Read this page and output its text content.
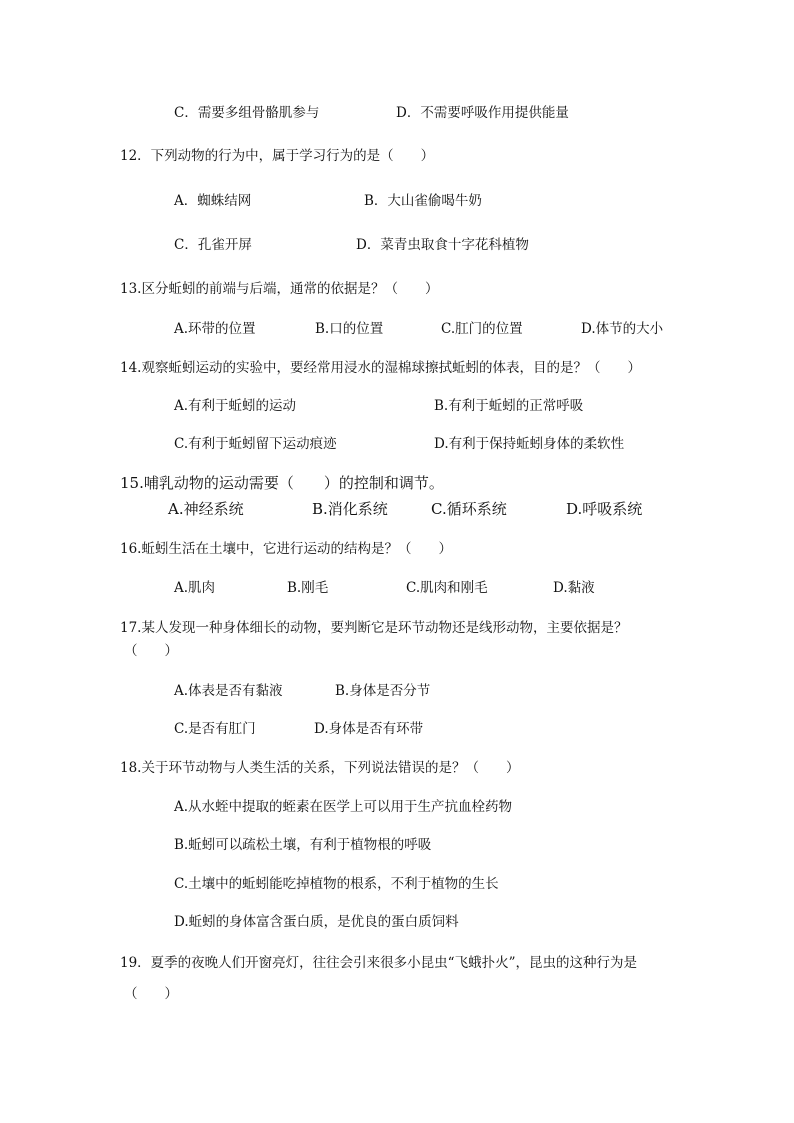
C．需要多组骨骼肌参与	D．不需要呼吸作用提供能量
12．下列动物的行为中，属于学习行为的是（　　）
A．蜘蛛结网	B．大山雀偷喝牛奶
C．孔雀开屏	D．菜青虫取食十字花科植物
13.区分蚯蚓的前端与后端，通常的依据是？（　　）
A.环带的位置	B.口的位置	C.肛门的位置	D.体节的大小
14.观察蚯蚓运动的实验中，要经常用浸水的湿棉球擦拭蚯蚓的体表，目的是？（　　）
A.有利于蚯蚓的运动	B.有利于蚯蚓的正常呼吸
C.有利于蚯蚓留下运动痕迹	D.有利于保持蚯蚓身体的柔软性
15.哺乳动物的运动需要（　　）的控制和调节。
A.神经系统	B.消化系统	C.循环系统	D.呼吸系统
16.蚯蚓生活在土壤中，它进行运动的结构是？（　　）
A.肌肉	B.刚毛	C.肌肉和刚毛	D.黏液
17.某人发现一种身体细长的动物，要判断它是环节动物还是线形动物，主要依据是？
（　　）
A.体表是否有黏液	B.身体是否分节
C.是否有肛门	D.身体是否有环带
18.关于环节动物与人类生活的关系，下列说法错误的是？（　　）
A.从水蛭中提取的蛭素在医学上可以用于生产抗血栓药物
B.蚯蚓可以疏松土壤，有利于植物根的呼吸
C.土壤中的蚯蚓能吃掉植物的根系，不利于植物的生长
D.蚯蚓的身体富含蛋白质，是优良的蛋白质饲料
19．夏季的夜晚人们开窗亮灯，往往会引来很多小昆虫“飞蛾扑火”，昆虫的这种行为是
（　　）
